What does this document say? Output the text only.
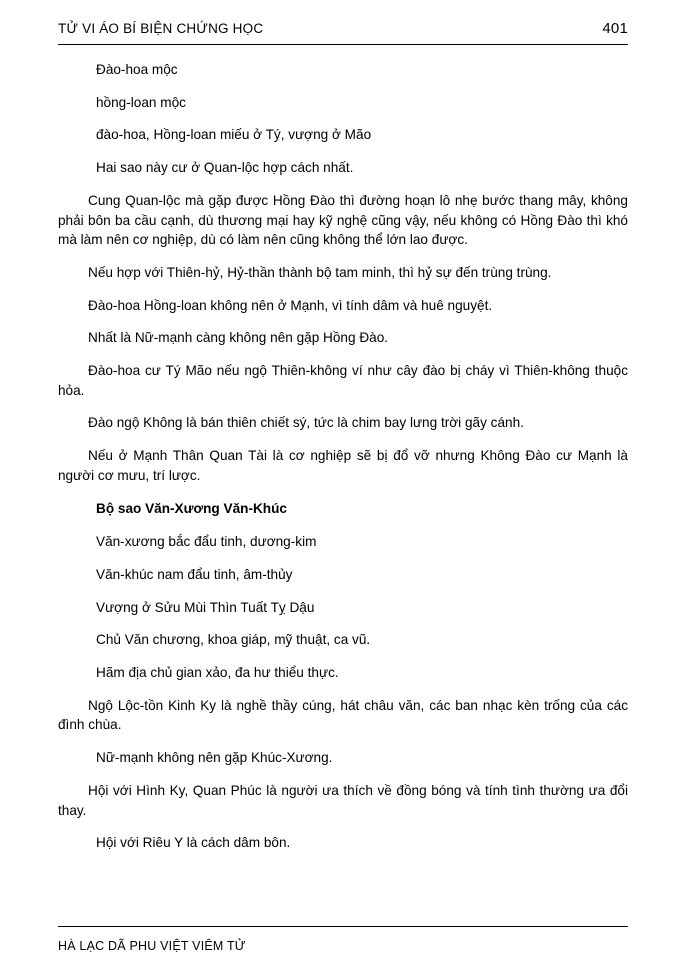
TỬ VI ÁO BÍ BIỆN CHỨNG HỌC	401

Đào-hoa mộc

hồng-loan mộc

đào-hoa, Hồng-loan miếu ở Tý, vượng ở Mão

Hai sao này cư ở Quan-lộc hợp cách nhất.

Cung Quan-lộc mà gặp được Hồng Đào thì đường hoạn lô nhẹ bước thang mây, không phải bôn ba cầu cạnh, dù thương mại hay kỹ nghệ cũng vậy, nếu không có Hồng Đào thì khó mà làm nên cơ nghiệp, dù có làm nên cũng không thể lớn lao được.

Nếu hợp với Thiên-hỷ, Hỷ-thần thành bộ tam minh, thì hỷ sự đến trùng trùng.

Đào-hoa Hồng-loan không nên ở Mạnh, vì tính dâm và huê nguyệt.

Nhất là Nữ-mạnh càng không nên gặp Hồng Đào.

Đào-hoa cư Tý Mão nếu ngộ Thiên-không ví như cây đào bị cháy vì Thiên-không thuộc hỏa.

Đào ngộ Không là bán thiên chiết sý, tức là chim bay lưng trời gãy cánh.

Nếu ở Mạnh Thân Quan Tài là cơ nghiệp sẽ bị đổ vỡ nhưng Không Đào cư Mạnh là người cơ mưu, trí lược.

Bộ sao Văn-Xương Văn-Khúc

Văn-xương bắc đẩu tinh, dương-kim

Văn-khúc nam đẩu tinh, âm-thủy

Vượng ở Sửu Mùi Thìn Tuất Tỵ Dậu

Chủ Văn chương, khoa giáp, mỹ thuật, ca vũ.

Hãm địa chủ gian xảo, đa hư thiểu thực.

Ngộ Lộc-tồn Kinh Ky là nghề thầy cúng, hát châu văn, các ban nhạc kèn trống của các đình chùa.

Nữ-mạnh không nên gặp Khúc-Xương.

Hội với Hình Ky, Quan Phúc là người ưa thích về đồng bóng và tính tình thường ưa đổi thay.

Hội với Riêu Y là cách dâm bôn.

HÀ LẠC DÃ PHU VIỆT VIÊM TỬ
